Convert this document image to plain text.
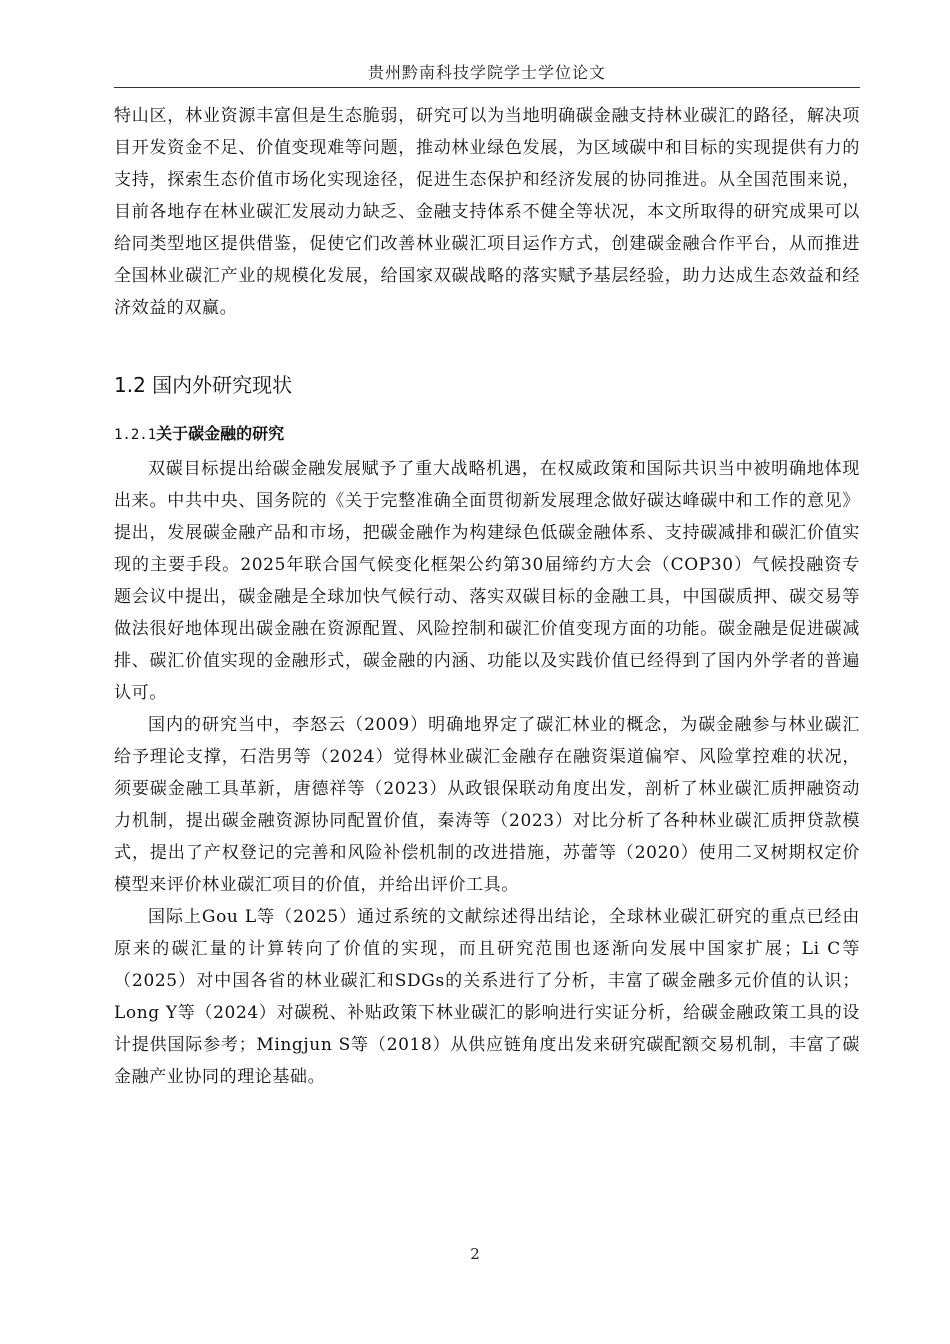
贵州黔南科技学院学士学位论文

特山区，林业资源丰富但是生态脆弱，研究可以为当地明确碳金融支持林业碳汇的路径，解决项目开发资金不足、价值变现难等问题，推动林业绿色发展，为区域碳中和目标的实现提供有力的支持，探索生态价值市场化实现途径，促进生态保护和经济发展的协同推进。从全国范围来说，目前各地存在林业碳汇发展动力缺乏、金融支持体系不健全等状况，本文所取得的研究成果可以给同类型地区提供借鉴，促使它们改善林业碳汇项目运作方式，创建碳金融合作平台，从而推进全国林业碳汇产业的规模化发展，给国家双碳战略的落实赋予基层经验，助力达成生态效益和经济效益的双赢。

1.2 国内外研究现状
1.2.1关于碳金融的研究

双碳目标提出给碳金融发展赋予了重大战略机遇，在权威政策和国际共识当中被明确地体现出来。中共中央、国务院的《关于完整准确全面贯彻新发展理念做好碳达峰碳中和工作的意见》提出，发展碳金融产品和市场，把碳金融作为构建绿色低碳金融体系、支持碳减排和碳汇价值实现的主要手段。2025年联合国气候变化框架公约第30届缔约方大会（COP30）气候投融资专题会议中提出，碳金融是全球加快气候行动、落实双碳目标的金融工具，中国碳质押、碳交易等做法很好地体现出碳金融在资源配置、风险控制和碳汇价值变现方面的功能。碳金融是促进碳减排、碳汇价值实现的金融形式，碳金融的内涵、功能以及实践价值已经得到了国内外学者的普遍认可。

国内的研究当中，李怒云（2009）明确地界定了碳汇林业的概念，为碳金融参与林业碳汇给予理论支撑，石浩男等（2024）觉得林业碳汇金融存在融资渠道偏窄、风险掌控难的状况，须要碳金融工具革新，唐德祥等（2023）从政银保联动角度出发，剖析了林业碳汇质押融资动力机制，提出碳金融资源协同配置价值，秦涛等（2023）对比分析了各种林业碳汇质押贷款模式，提出了产权登记的完善和风险补偿机制的改进措施，苏蕾等（2020）使用二叉树期权定价模型来评价林业碳汇项目的价值，并给出评价工具。

国际上Gou L等（2025）通过系统的文献综述得出结论，全球林业碳汇研究的重点已经由原来的碳汇量的计算转向了价值的实现，而且研究范围也逐渐向发展中国家扩展；Li C等（2025）对中国各省的林业碳汇和SDGs的关系进行了分析，丰富了碳金融多元价值的认识；Long Y等（2024）对碳税、补贴政策下林业碳汇的影响进行实证分析，给碳金融政策工具的设计提供国际参考；Mingjun S等（2018）从供应链角度出发来研究碳配额交易机制，丰富了碳金融产业协同的理论基础。

2
